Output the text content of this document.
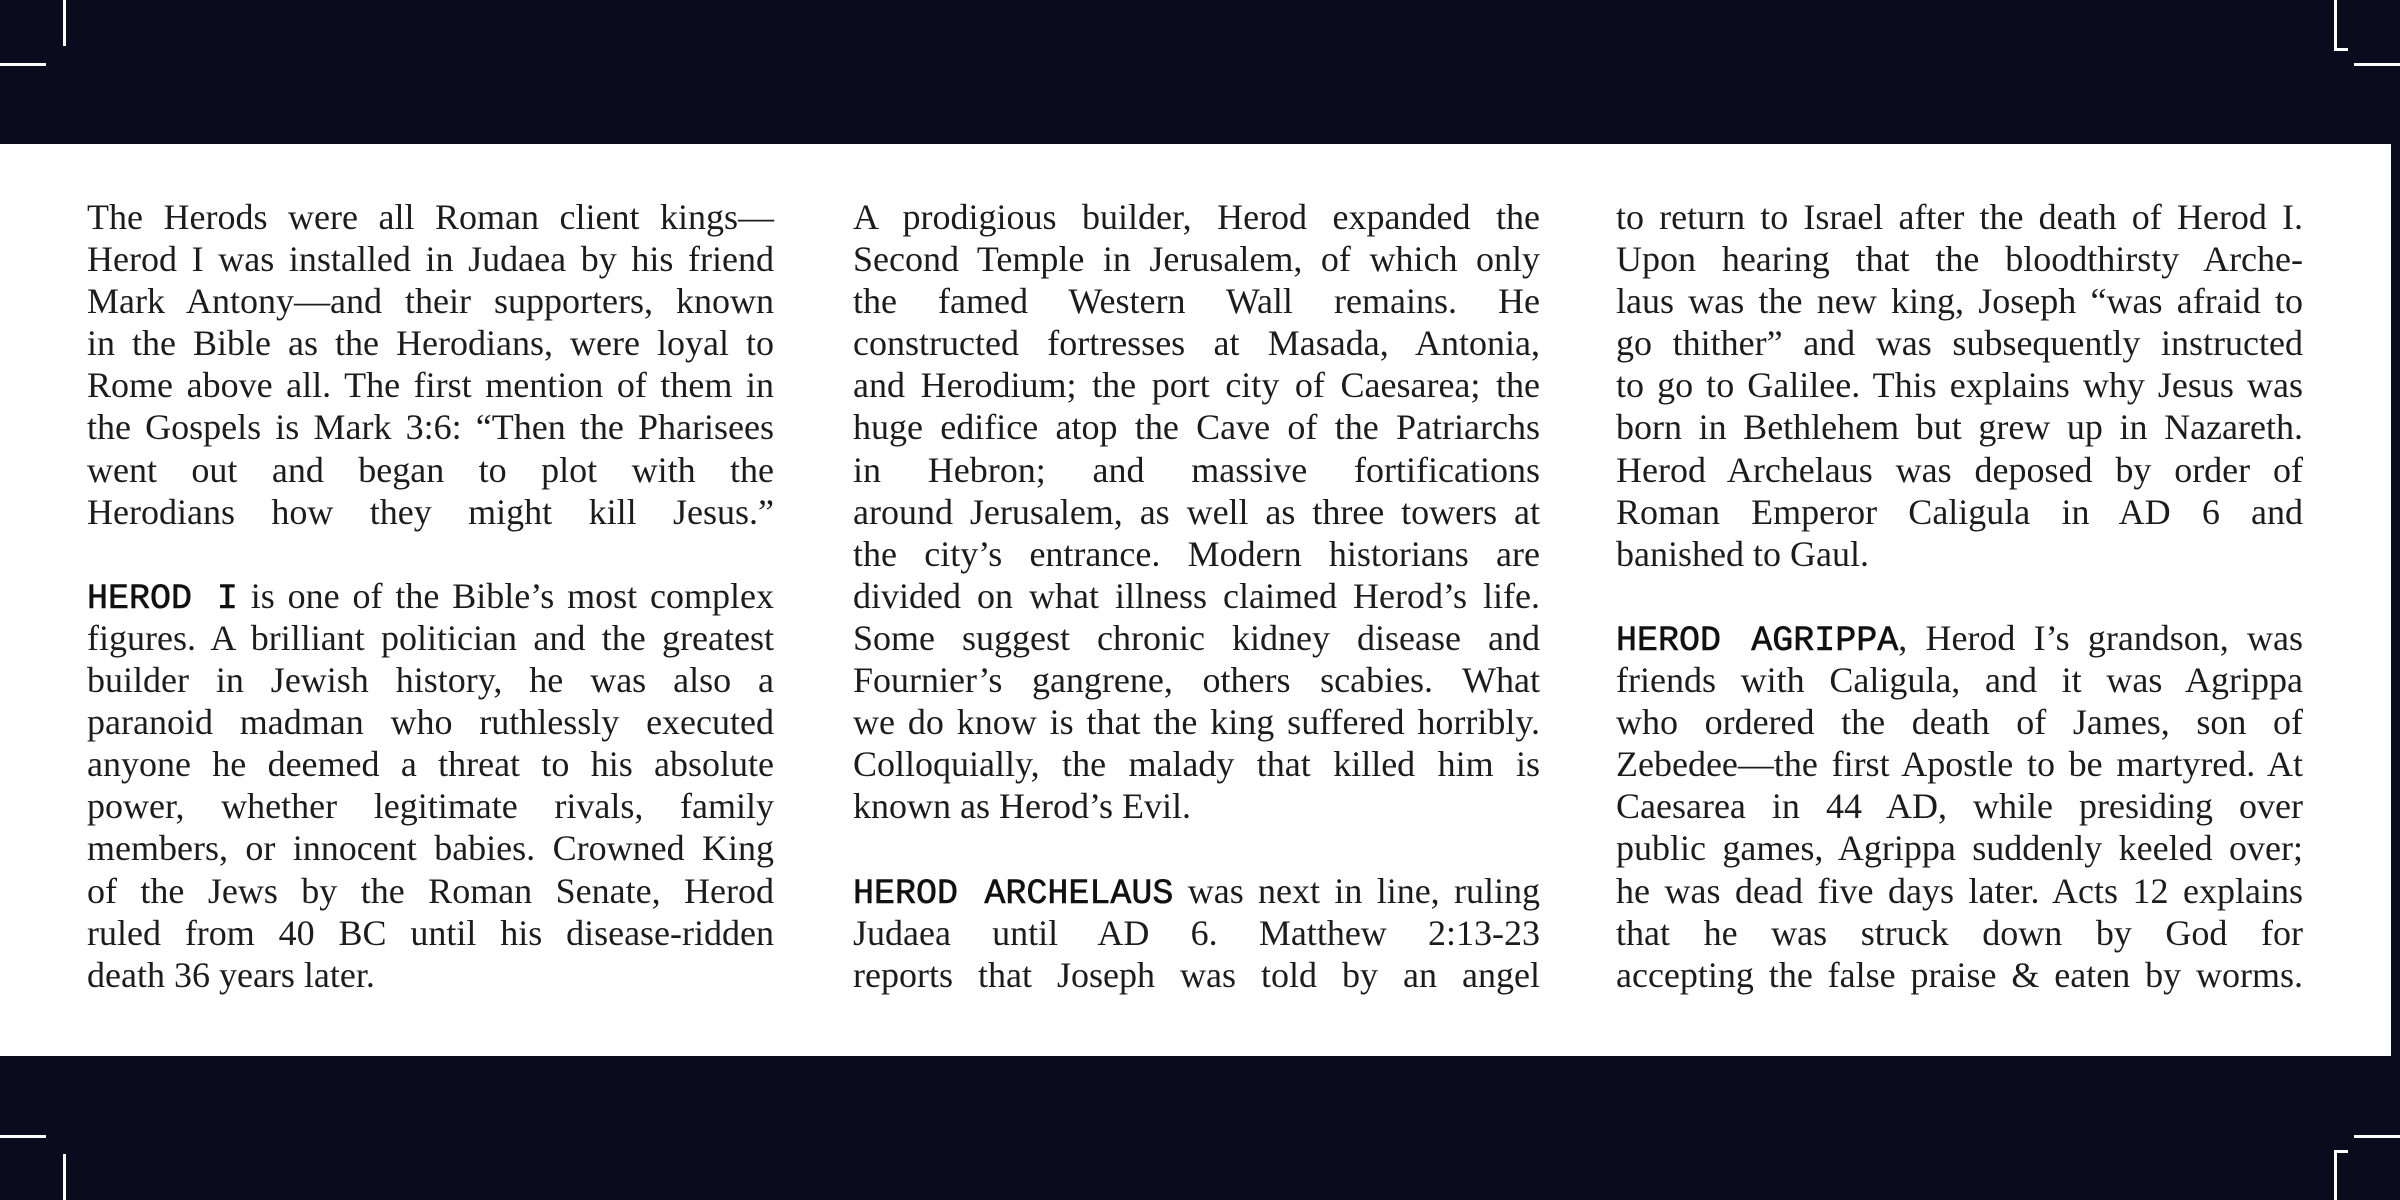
The Herods were all Roman client kings—
Herod I was installed in Judaea by his friend
Mark Antony—and their supporters, known
in the Bible as the Herodians, were loyal to
Rome above all. The first mention of them in
the Gospels is Mark 3:6: “Then the Pharisees
went out and began to plot with the
Herodians how they might kill Jesus.”
HEROD I is one of the Bible’s most complex
figures. A brilliant politician and the greatest
builder in Jewish history, he was also a
paranoid madman who ruthlessly executed
anyone he deemed a threat to his absolute
power, whether legitimate rivals, family
members, or innocent babies. Crowned King
of the Jews by the Roman Senate, Herod
ruled from 40 BC until his disease-ridden
death 36 years later.
A prodigious builder, Herod expanded the
Second Temple in Jerusalem, of which only
the famed Western Wall remains. He
constructed fortresses at Masada, Antonia,
and Herodium; the port city of Caesarea; the
huge edifice atop the Cave of the Patriarchs
in Hebron; and massive fortifications
around Jerusalem, as well as three towers at
the city’s entrance. Modern historians are
divided on what illness claimed Herod’s life.
Some suggest chronic kidney disease and
Fournier’s gangrene, others scabies. What
we do know is that the king suffered horribly.
Colloquially, the malady that killed him is
known as Herod’s Evil.
HEROD ARCHELAUS was next in line, ruling
Judaea until AD 6. Matthew 2:13-23
reports that Joseph was told by an angel
to return to Israel after the death of Herod I.
Upon hearing that the bloodthirsty Arche-
laus was the new king, Joseph “was afraid to
go thither” and was subsequently instructed
to go to Galilee. This explains why Jesus was
born in Bethlehem but grew up in Nazareth.
Herod Archelaus was deposed by order of
Roman Emperor Caligula in AD 6 and
banished to Gaul.
HEROD AGRIPPA, Herod I’s grandson, was
friends with Caligula, and it was Agrippa
who ordered the death of James, son of
Zebedee—the first Apostle to be martyred. At
Caesarea in 44 AD, while presiding over
public games, Agrippa suddenly keeled over;
he was dead five days later. Acts 12 explains
that he was struck down by God for
accepting the false praise & eaten by worms.
